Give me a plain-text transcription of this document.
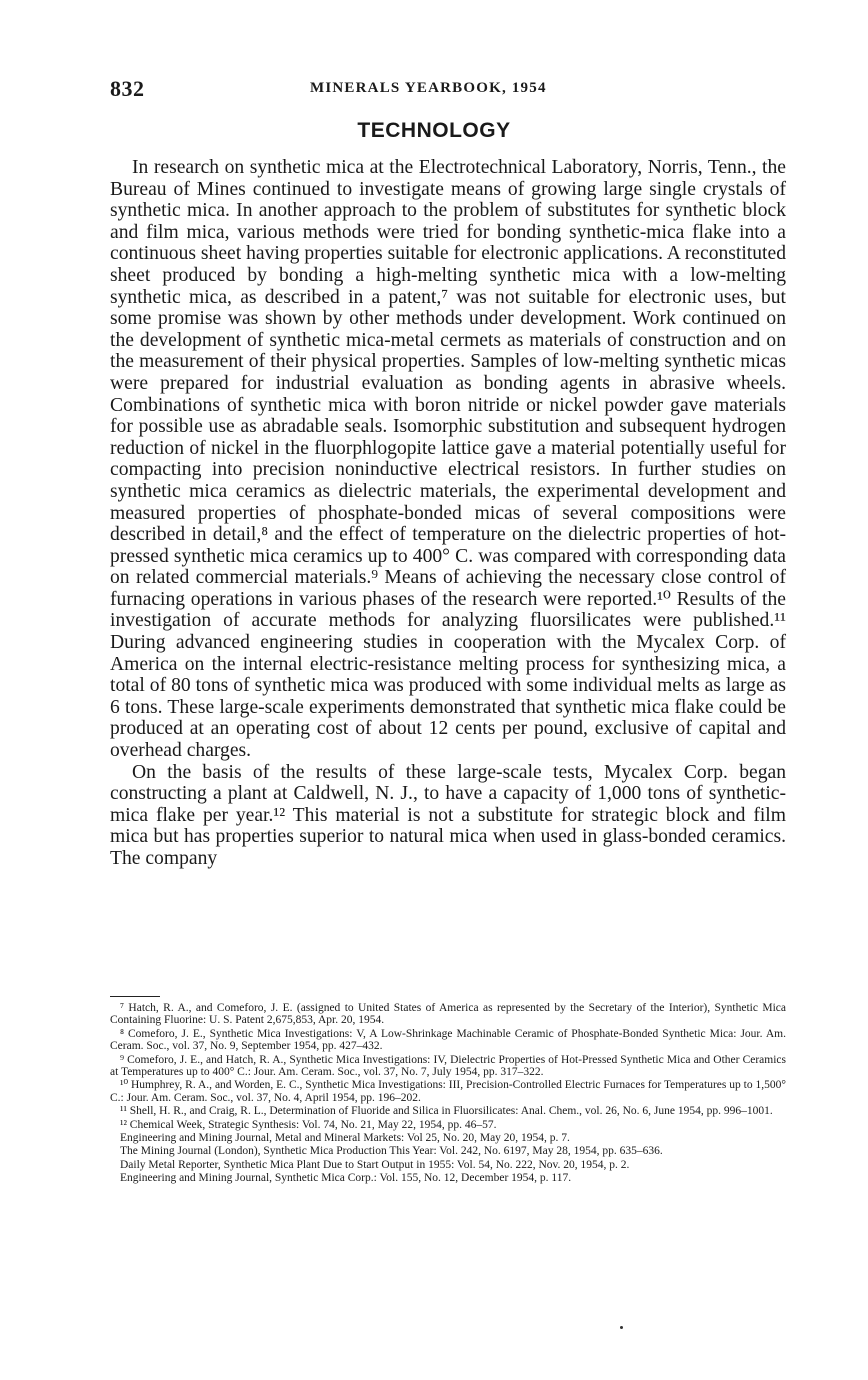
832	MINERALS YEARBOOK, 1954
TECHNOLOGY

In research on synthetic mica at the Electrotechnical Laboratory, Norris, Tenn., the Bureau of Mines continued to investigate means of growing large single crystals of synthetic mica. In another approach to the problem of substitutes for synthetic block and film mica, various methods were tried for bonding synthetic-mica flake into a continuous sheet having properties suitable for electronic applications. A reconstituted sheet produced by bonding a high-melting synthetic mica with a low-melting synthetic mica, as described in a patent,⁷ was not suitable for electronic uses, but some promise was shown by other methods under development. Work continued on the development of synthetic mica-metal cermets as materials of construction and on the measurement of their physical properties. Samples of low-melting synthetic micas were prepared for industrial evaluation as bonding agents in abrasive wheels. Combinations of synthetic mica with boron nitride or nickel powder gave materials for possible use as abradable seals. Isomorphic substitution and subsequent hydrogen reduction of nickel in the fluorphlogopite lattice gave a material potentially useful for compacting into precision noninductive electrical resistors. In further studies on synthetic mica ceramics as dielectric materials, the experimental development and measured properties of phosphate-bonded micas of several compositions were described in detail,⁸ and the effect of temperature on the dielectric properties of hot-pressed synthetic mica ceramics up to 400° C. was compared with corresponding data on related commercial materials.⁹ Means of achieving the necessary close control of furnacing operations in various phases of the research were reported.¹⁰ Results of the investigation of accurate methods for analyzing fluorsilicates were published.¹¹ During advanced engineering studies in cooperation with the Mycalex Corp. of America on the internal electric-resistance melting process for synthesizing mica, a total of 80 tons of synthetic mica was produced with some individual melts as large as 6 tons. These large-scale experiments demonstrated that synthetic mica flake could be produced at an operating cost of about 12 cents per pound, exclusive of capital and overhead charges.

On the basis of the results of these large-scale tests, Mycalex Corp. began constructing a plant at Caldwell, N. J., to have a capacity of 1,000 tons of synthetic-mica flake per year.¹² This material is not a substitute for strategic block and film mica but has properties superior to natural mica when used in glass-bonded ceramics. The company

⁷ Hatch, R. A., and Comeforo, J. E. (assigned to United States of America as represented by the Secretary of the Interior), Synthetic Mica Containing Fluorine: U. S. Patent 2,675,853, Apr. 20, 1954.

⁸ Comeforo, J. E., Synthetic Mica Investigations: V, A Low-Shrinkage Machinable Ceramic of Phosphate-Bonded Synthetic Mica: Jour. Am. Ceram. Soc., vol. 37, No. 9, September 1954, pp. 427–432.

⁹ Comeforo, J. E., and Hatch, R. A., Synthetic Mica Investigations: IV, Dielectric Properties of Hot-Pressed Synthetic Mica and Other Ceramics at Temperatures up to 400° C.: Jour. Am. Ceram. Soc., vol. 37, No. 7, July 1954, pp. 317–322.

¹⁰ Humphrey, R. A., and Worden, E. C., Synthetic Mica Investigations: III, Precision-Controlled Electric Furnaces for Temperatures up to 1,500° C.: Jour. Am. Ceram. Soc., vol. 37, No. 4, April 1954, pp. 196–202.

¹¹ Shell, H. R., and Craig, R. L., Determination of Fluoride and Silica in Fluorsilicates: Anal. Chem., vol. 26, No. 6, June 1954, pp. 996–1001.

¹² Chemical Week, Strategic Synthesis: Vol. 74, No. 21, May 22, 1954, pp. 46–57.

Engineering and Mining Journal, Metal and Mineral Markets: Vol 25, No. 20, May 20, 1954, p. 7.

The Mining Journal (London), Synthetic Mica Production This Year: Vol. 242, No. 6197, May 28, 1954, pp. 635–636.

Daily Metal Reporter, Synthetic Mica Plant Due to Start Output in 1955: Vol. 54, No. 222, Nov. 20, 1954, p. 2.

Engineering and Mining Journal, Synthetic Mica Corp.: Vol. 155, No. 12, December 1954, p. 117.
